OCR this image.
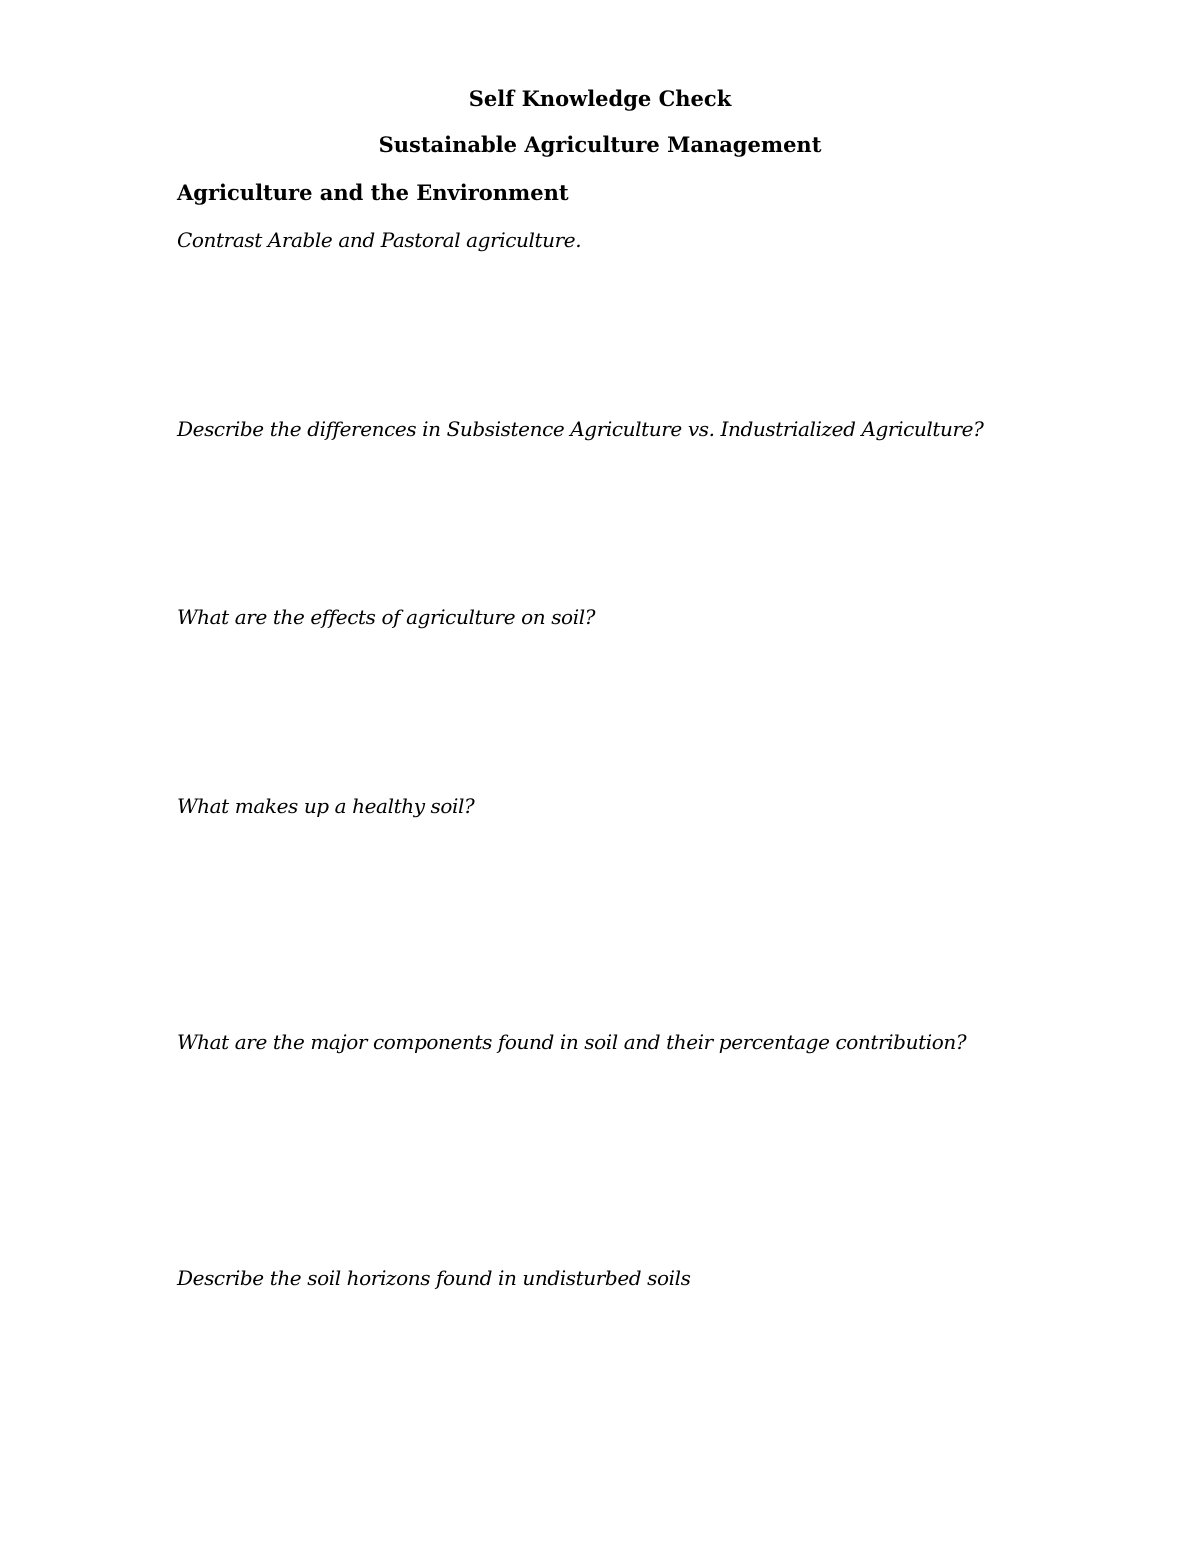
Self Knowledge Check
Sustainable Agriculture Management
Agriculture and the Environment
Contrast Arable and Pastoral agriculture.
Describe the differences in Subsistence Agriculture vs. Industrialized Agriculture?
What are the effects of agriculture on soil?
What makes up a healthy soil?
What are the major components found in soil and their percentage contribution?
Describe the soil horizons found in undisturbed soils
